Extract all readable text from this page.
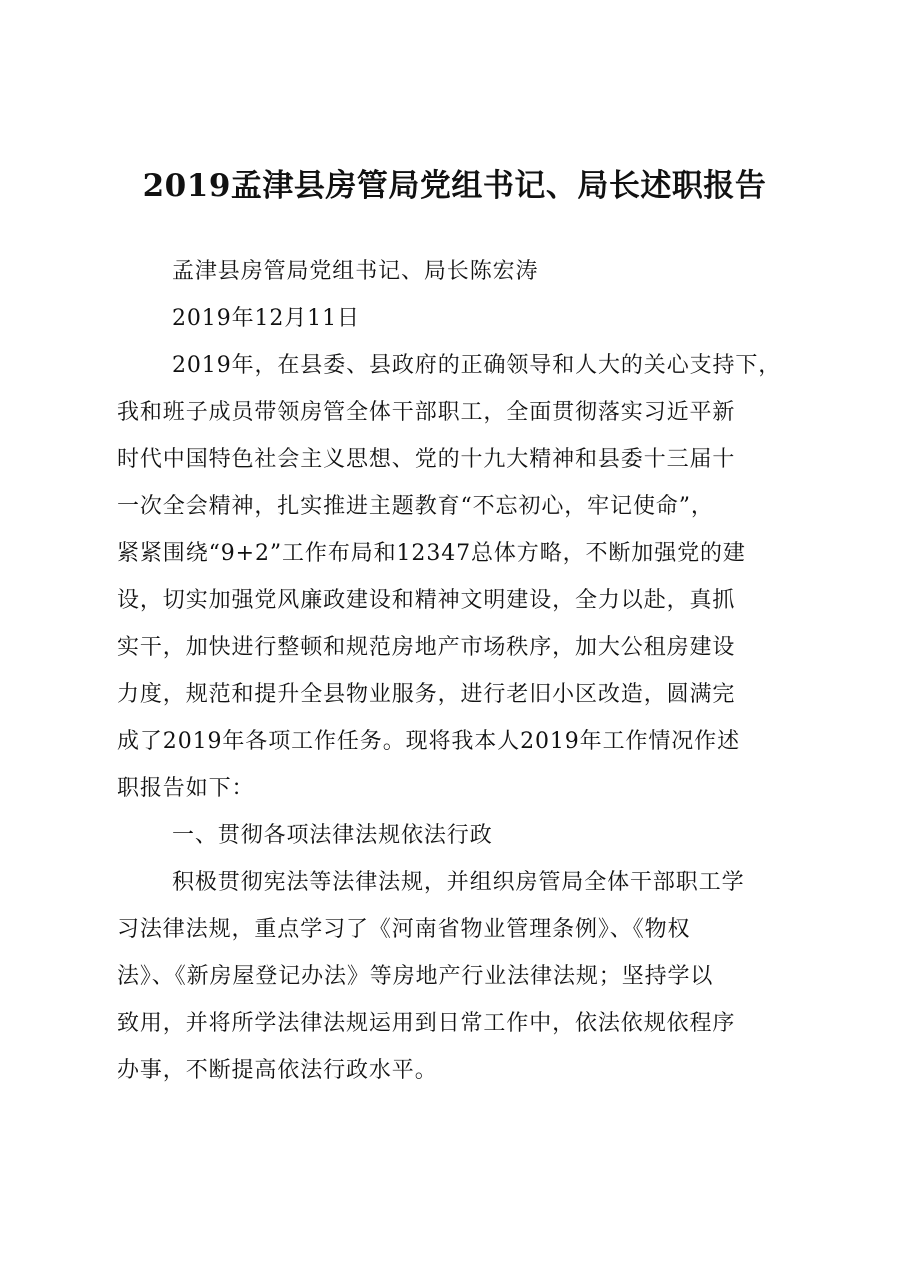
2019孟津县房管局党组书记、局长述职报告

孟津县房管局党组书记、局长陈宏涛

2019年12月11日

2019年，在县委、县政府的正确领导和人大的关心支持下，
我和班子成员带领房管全体干部职工，全面贯彻落实习近平新
时代中国特色社会主义思想、党的十九大精神和县委十三届十
一次全会精神，扎实推进主题教育“不忘初心，牢记使命”，
紧紧围绕“9+2”工作布局和12347总体方略，不断加强党的建
设，切实加强党风廉政建设和精神文明建设，全力以赴，真抓
实干，加快进行整顿和规范房地产市场秩序，加大公租房建设
力度，规范和提升全县物业服务，进行老旧小区改造，圆满完
成了2019年各项工作任务。现将我本人2019年工作情况作述
职报告如下：

一、贯彻各项法律法规依法行政

积极贯彻宪法等法律法规，并组织房管局全体干部职工学
习法律法规，重点学习了《河南省物业管理条例》、《物权
法》、《新房屋登记办法》等房地产行业法律法规；坚持学以
致用，并将所学法律法规运用到日常工作中，依法依规依程序
办事，不断提高依法行政水平。
